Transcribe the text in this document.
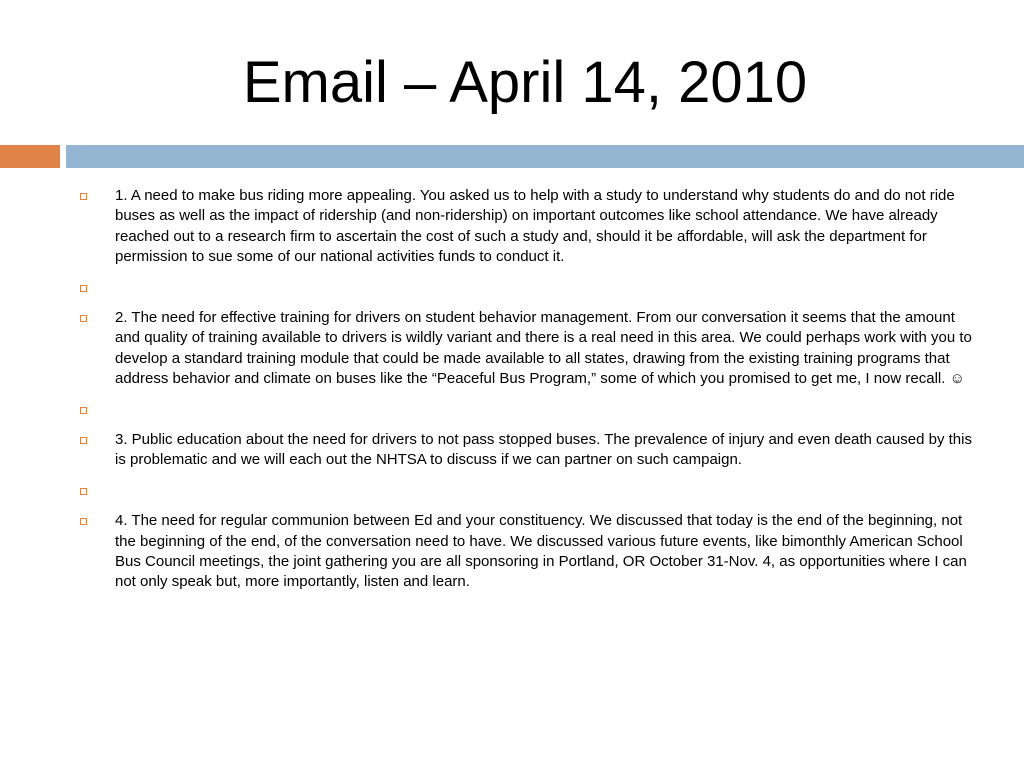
Email – April 14, 2010
1. A need to make bus riding more appealing. You asked us to help with a study to understand why students do and do not ride buses as well as the impact of ridership (and non-ridership) on important outcomes like school attendance. We have already reached out to a research firm to ascertain the cost of such a study and, should it be affordable, will ask the department for permission to sue some of our national activities funds to conduct it.
2. The need for effective training for drivers on student behavior management. From our conversation it seems that the amount and quality of training available to drivers is wildly variant and there is a real need in this area. We could perhaps work with you to develop a standard training module that could be made available to all states, drawing from the existing training programs that address behavior and climate on buses like the “Peaceful Bus Program,” some of which you promised to get me, I now recall. ☺
3. Public education about the need for drivers to not pass stopped buses. The prevalence of injury and even death caused by this is problematic and we will each out the NHTSA to discuss if we can partner on such campaign.
4. The need for regular communion between Ed and your constituency. We discussed that today is the end of the beginning, not the beginning of the end, of the conversation need to have. We discussed various future events, like bimonthly American School Bus Council meetings, the joint gathering you are all sponsoring in Portland, OR October 31-Nov. 4, as opportunities where I can not only speak but, more importantly, listen and learn.
